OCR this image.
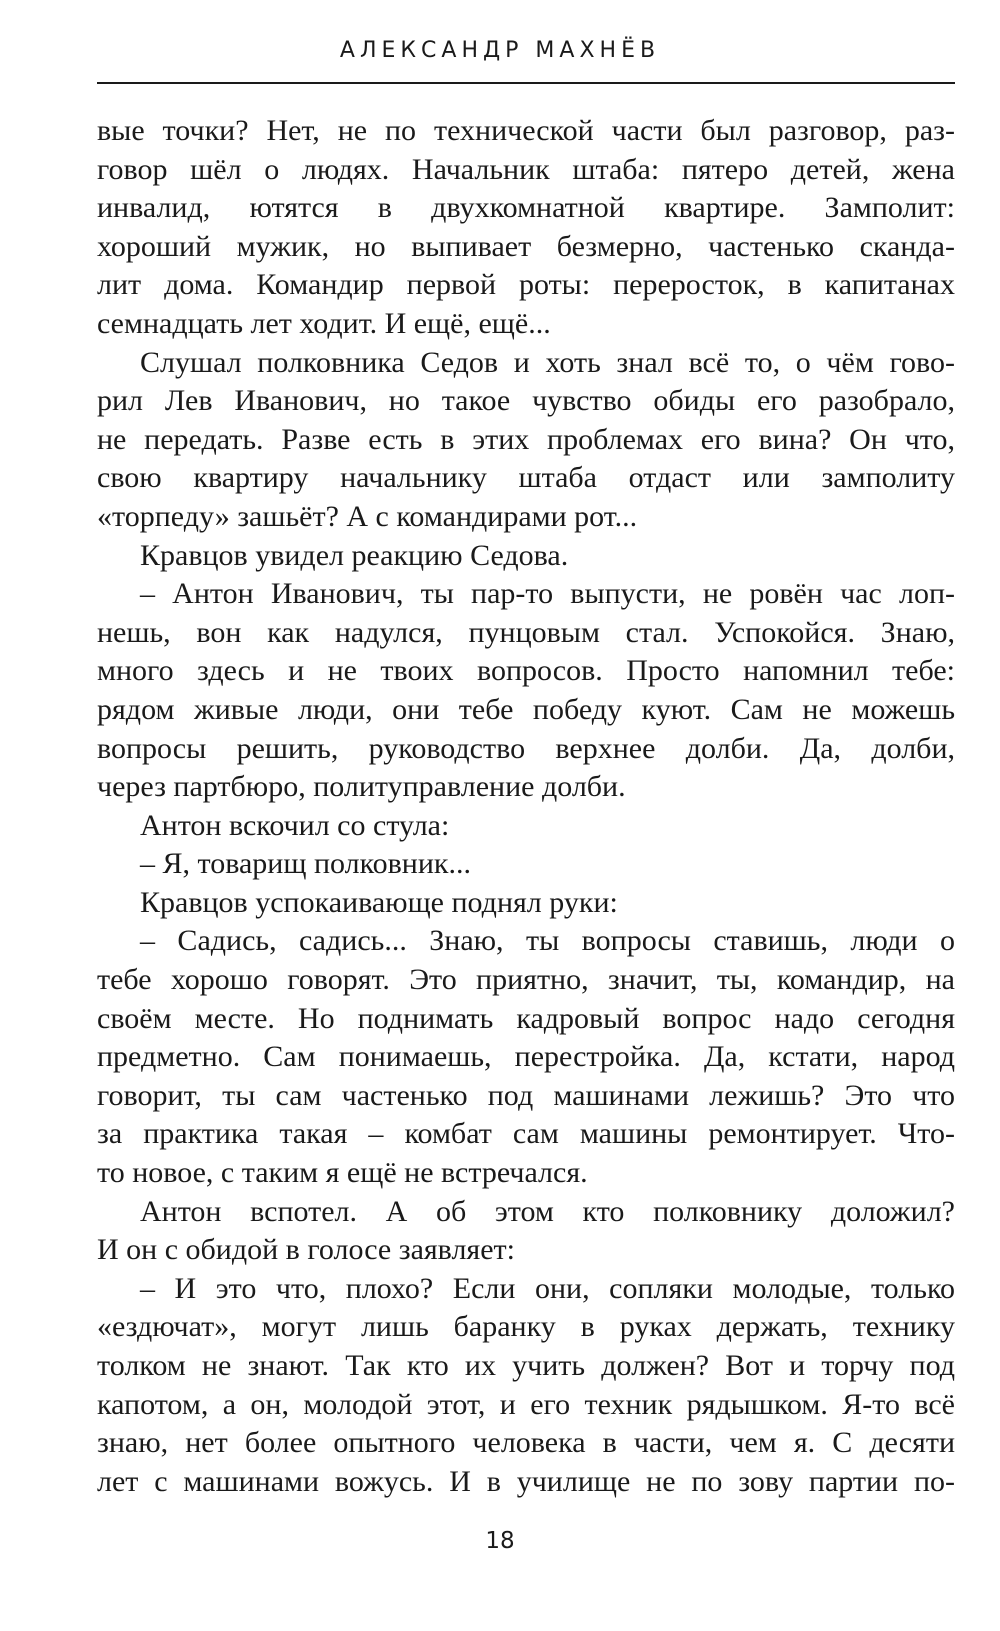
АЛЕКСАНДР МАХНЁВ
вые точки? Нет, не по технической части был разговор, раз-
говор шёл о людях. Начальник штаба: пятеро детей, жена
инвалид, ютятся в двухкомнатной квартире. Замполит:
хороший мужик, но выпивает безмерно, частенько сканда-
лит дома. Командир первой роты: переросток, в капитанах
семнадцать лет ходит. И ещё, ещё...
Слушал полковника Седов и хоть знал всё то, о чём гово-
рил Лев Иванович, но такое чувство обиды его разобрало,
не передать. Разве есть в этих проблемах его вина? Он что,
свою квартиру начальнику штаба отдаст или замполиту
«торпеду» зашьёт? А с командирами рот...
Кравцов увидел реакцию Седова.
– Антон Иванович, ты пар-то выпусти, не ровён час лоп-
нешь, вон как надулся, пунцовым стал. Успокойся. Знаю,
много здесь и не твоих вопросов. Просто напомнил тебе:
рядом живые люди, они тебе победу куют. Сам не можешь
вопросы решить, руководство верхнее долби. Да, долби,
через партбюро, политуправление долби.
Антон вскочил со стула:
– Я, товарищ полковник...
Кравцов успокаивающе поднял руки:
– Садись, садись... Знаю, ты вопросы ставишь, люди о
тебе хорошо говорят. Это приятно, значит, ты, командир, на
своём месте. Но поднимать кадровый вопрос надо сегодня
предметно. Сам понимаешь, перестройка. Да, кстати, народ
говорит, ты сам частенько под машинами лежишь? Это что
за практика такая – комбат сам машины ремонтирует. Что-
то новое, с таким я ещё не встречался.
Антон вспотел. А об этом кто полковнику доложил?
И он с обидой в голосе заявляет:
– И это что, плохо? Если они, сопляки молодые, только
«ездючат», могут лишь баранку в руках держать, технику
толком не знают. Так кто их учить должен? Вот и торчу под
капотом, а он, молодой этот, и его техник рядышком. Я-то всё
знаю, нет более опытного человека в части, чем я. С десяти
лет с машинами вожусь. И в училище не по зову партии по-
18
